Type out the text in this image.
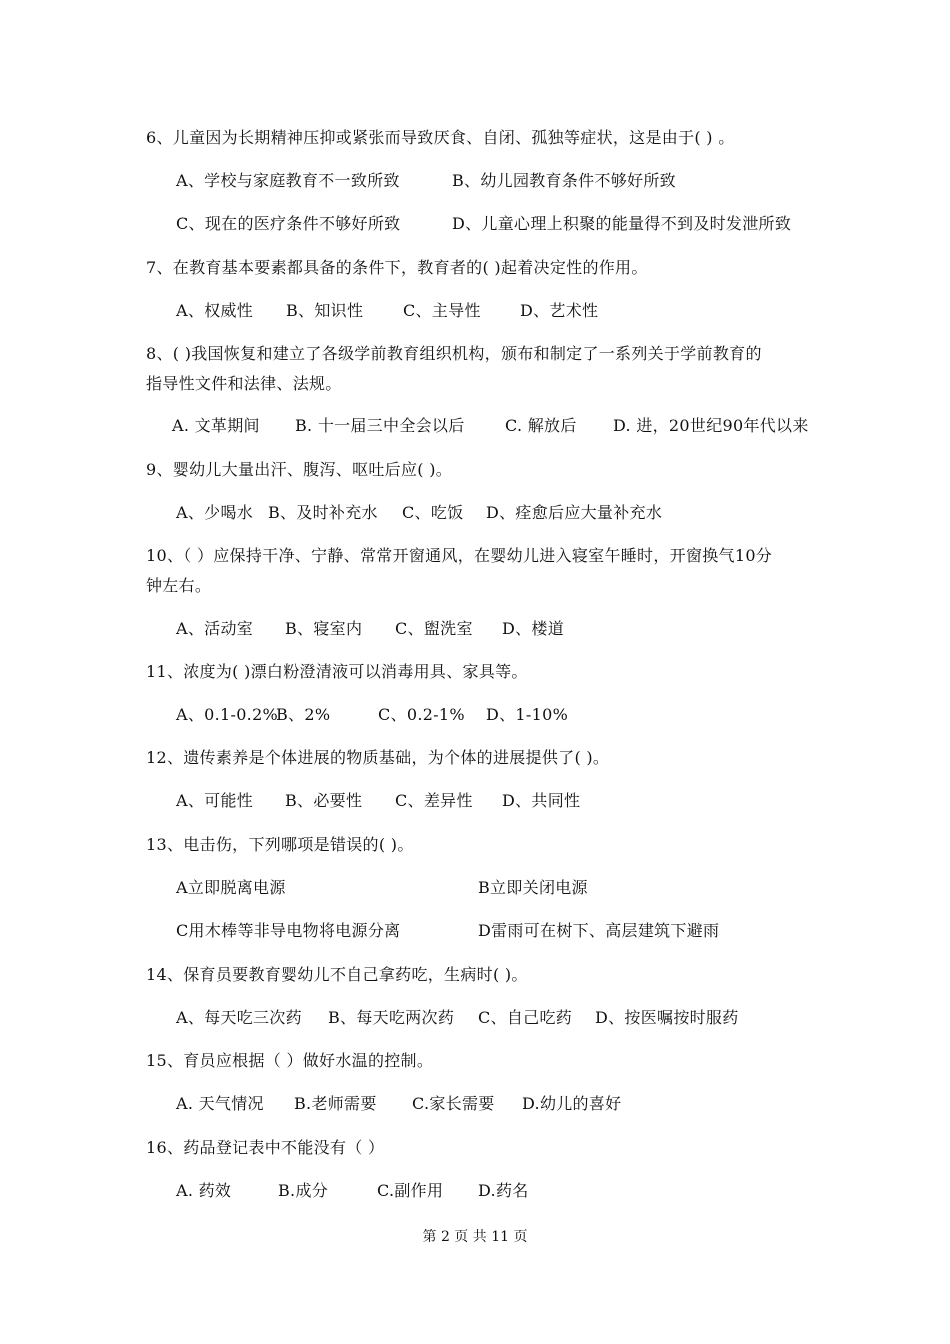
6、儿童因为长期精神压抑或紧张而导致厌食、自闭、孤独等症状，这是由于( ) 。
A、学校与家庭教育不一致所致	B、幼儿园教育条件不够好所致
C、现在的医疗条件不够好所致	D、儿童心理上积聚的能量得不到及时发泄所致
7、在教育基本要素都具备的条件下，教育者的( )起着决定性的作用。
A、权威性 B、知识性 C、主导性 D、艺术性
8、( )我国恢复和建立了各级学前教育组织机构，颁布和制定了一系列关于学前教育的
指导性文件和法律、法规。
A. 文革期间 B. 十一届三中全会以后	C. 解放后 D. 进，20世纪90年代以来
9、婴幼儿大量出汗、腹泻、呕吐后应( )。
A、少喝水 B、及时补充水 C、吃饭 D、痊愈后应大量补充水
10、（ ）应保持干净、宁静、常常开窗通风，在婴幼儿进入寝室午睡时，开窗换气10分
钟左右。
A、活动室 B、寝室内 C、盥洗室 D、楼道
11、浓度为( )漂白粉澄清液可以消毒用具、家具等。
A、0.1-0.2%
B、2%	C、0.2-1% D、1-10%
12、遗传素养是个体进展的物质基础，为个体的进展提供了( )。
A、可能性 B、必要性 C、差异性 D、共同性
13、电击伤，下列哪项是错误的( )。
A立即脱离电源	B立即关闭电源
C用木棒等非导电物将电源分离	D雷雨可在树下、高层建筑下避雨
14、保育员要教育婴幼儿不自己拿药吃，生病时( )。
A、每天吃三次药 B、每天吃两次药 C、自己吃药 D、按医嘱按时服药
15、育员应根据（ ）做好水温的控制。
A. 天气情况 B.老师需要 C.家长需要 D.幼儿的喜好
16、药品登记表中不能没有（ ）
A. 药效	B.成分	C.副作用 D.药名
第 2 页 共 11 页
